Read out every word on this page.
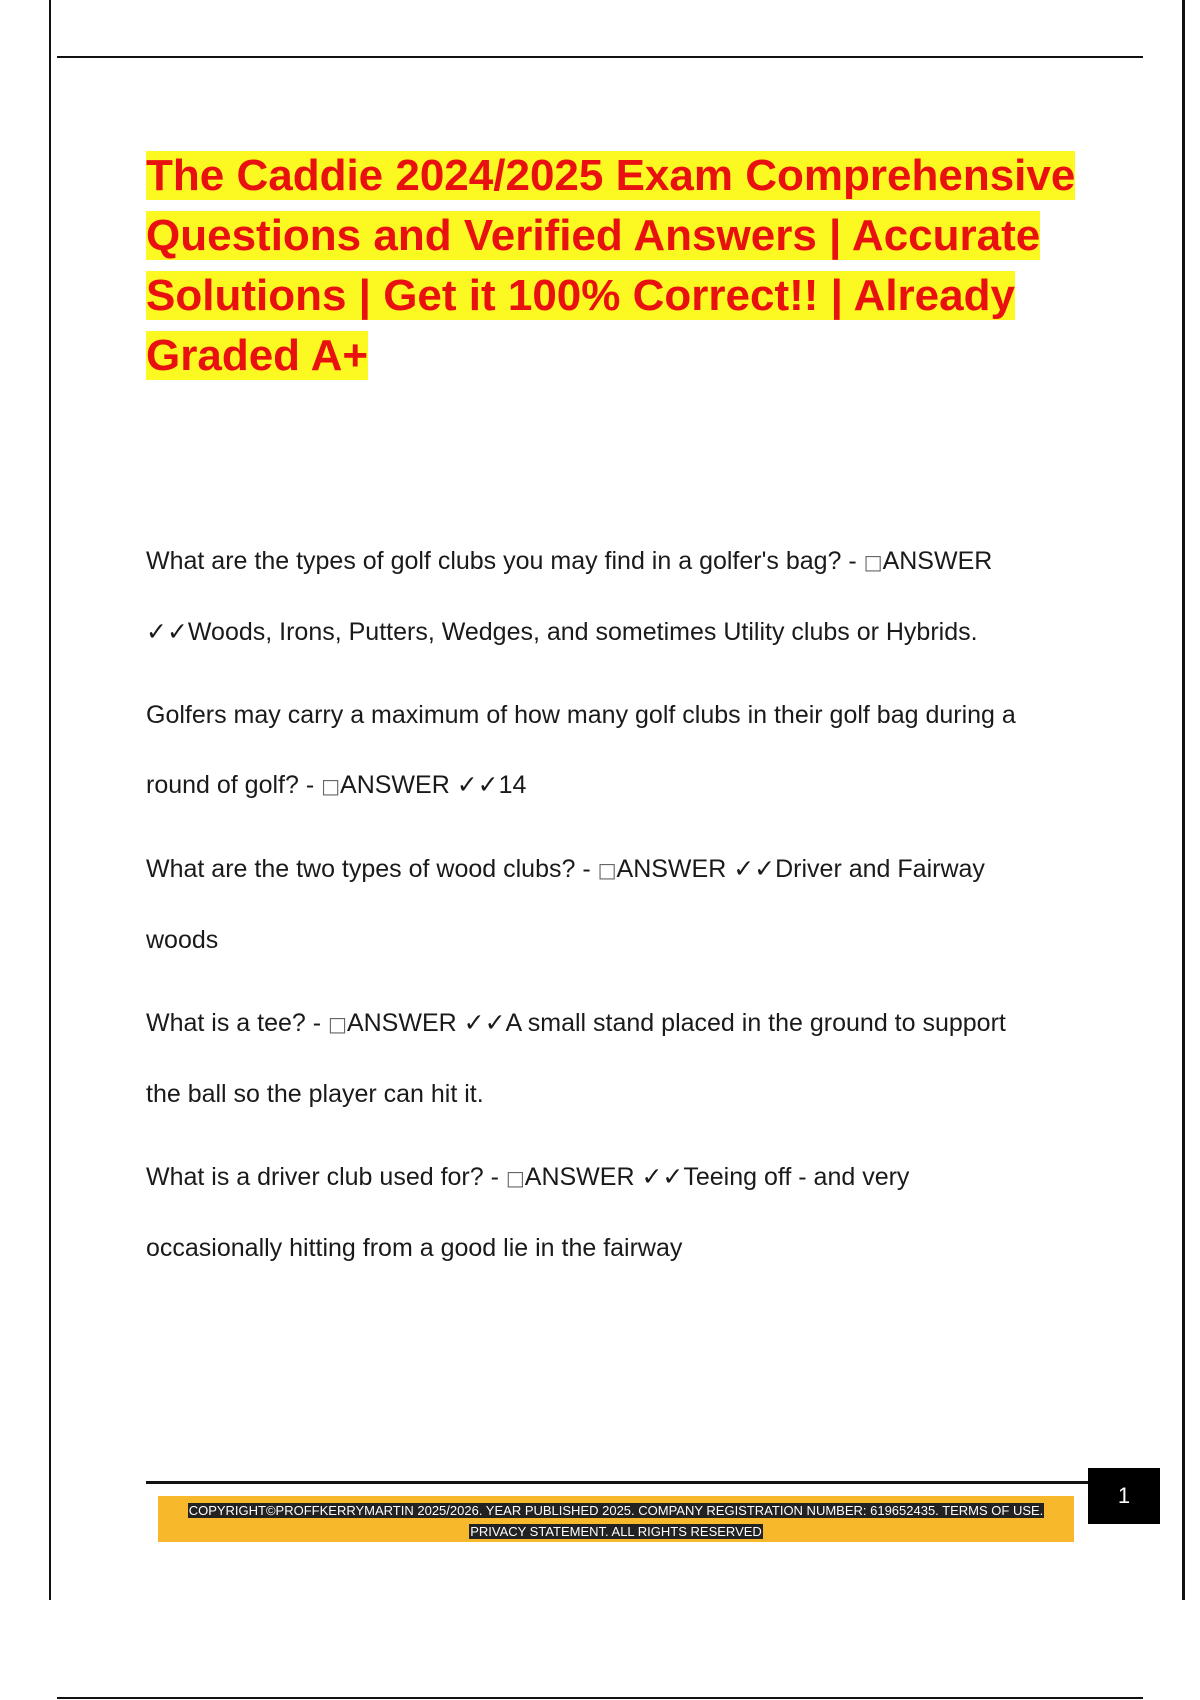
The Caddie 2024/2025 Exam Comprehensive Questions and Verified Answers | Accurate Solutions | Get it 100% Correct!! | Already Graded A+

What are the types of golf clubs you may find in a golfer's bag? - □ANSWER ✓✓Woods, Irons, Putters, Wedges, and sometimes Utility clubs or Hybrids.

Golfers may carry a maximum of how many golf clubs in their golf bag during a round of golf? - □ANSWER ✓✓14

What are the two types of wood clubs? - □ANSWER ✓✓Driver and Fairway woods

What is a tee? - □ANSWER ✓✓A small stand placed in the ground to support the ball so the player can hit it.

What is a driver club used for? - □ANSWER ✓✓Teeing off - and very occasionally hitting from a good lie in the fairway

1

COPYRIGHT©PROFFKERRYMARTIN 2025/2026. YEAR PUBLISHED 2025. COMPANY REGISTRATION NUMBER: 619652435. TERMS OF USE.
PRIVACY STATEMENT. ALL RIGHTS RESERVED
